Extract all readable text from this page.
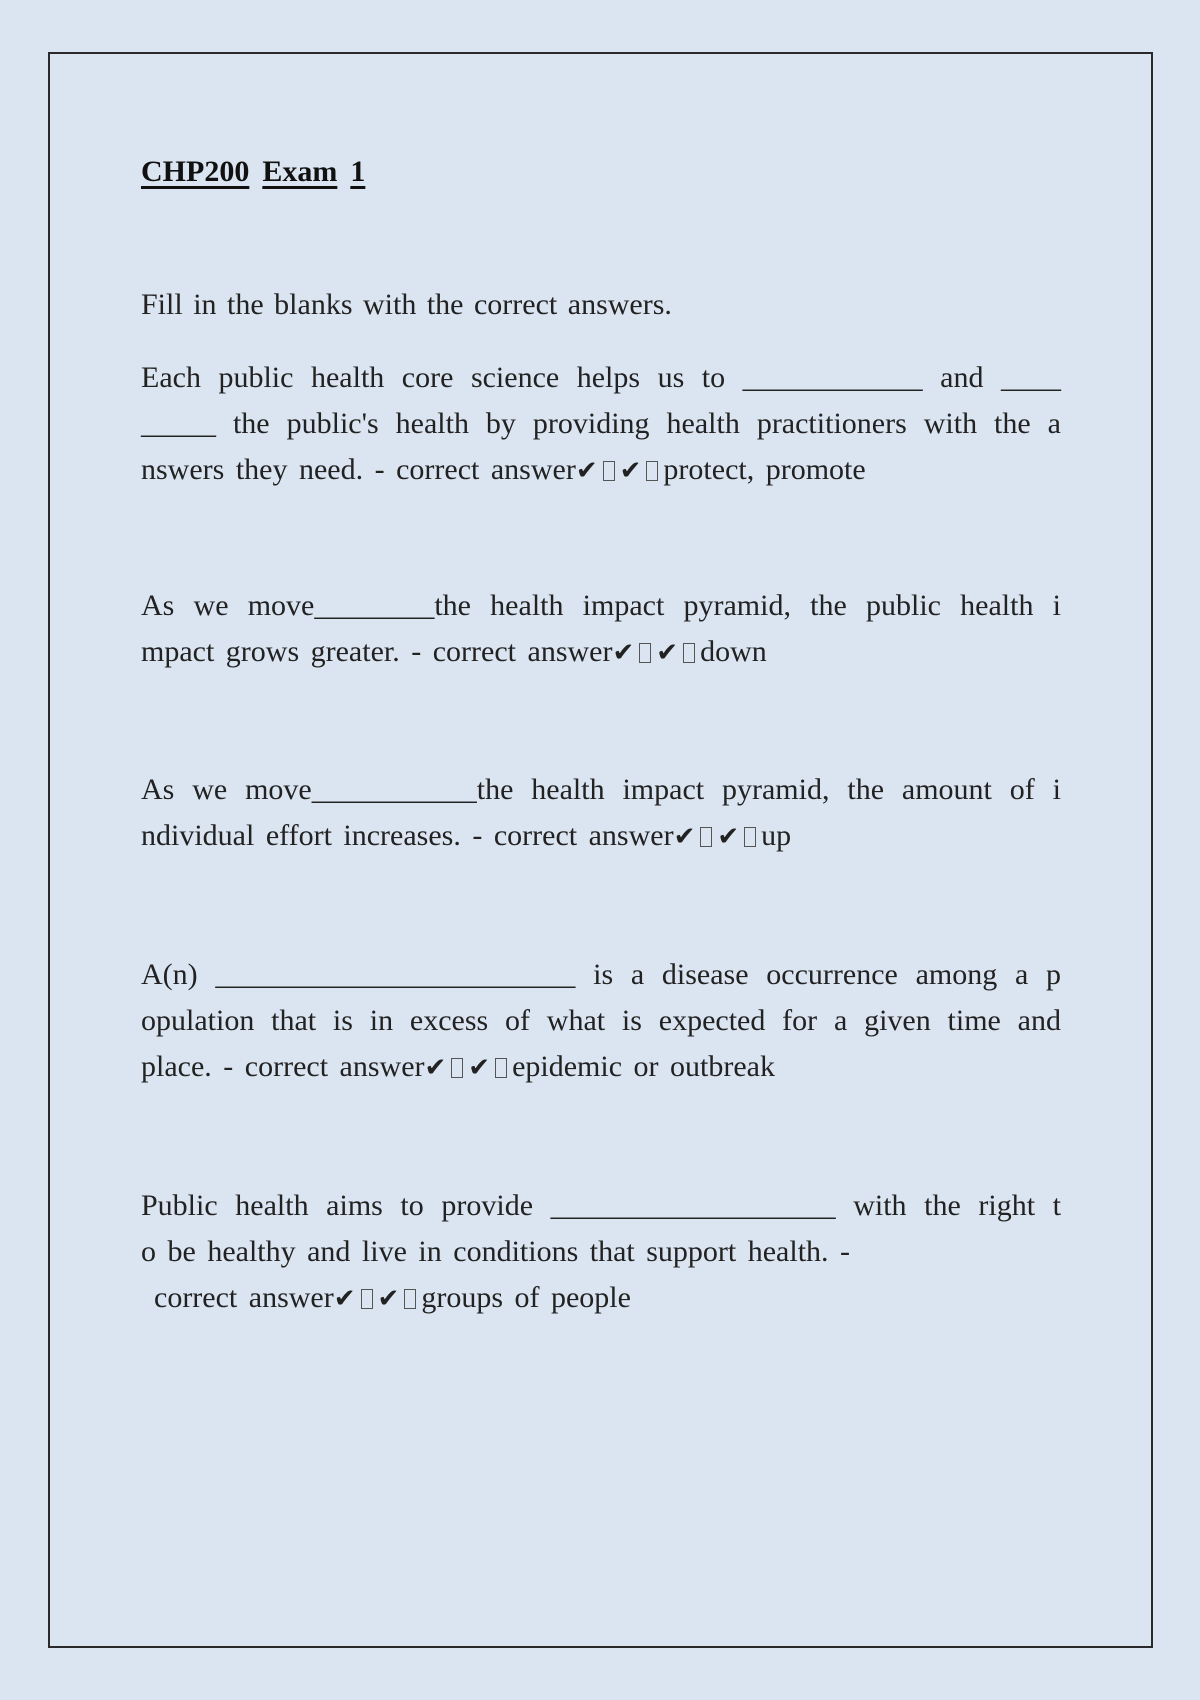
CHP200 Exam 1

Fill in the blanks with the correct answers.

Each public health core science helps us to ____________ and ____
_____ the public's health by providing health practitioners with the a
nswers they need. - correct answer✔ ✔ protect, promote
As we move________the health impact pyramid, the public health i
mpact grows greater. - correct answer✔ ✔ down
As we move___________the health impact pyramid, the amount of i
ndividual effort increases. - correct answer✔ ✔ up
A(n) ________________________ is a disease occurrence among a p
opulation that is in excess of what is expected for a given time and
place. - correct answer✔ ✔ epidemic or outbreak
Public health aims to provide ___________________ with the right t
o be healthy and live in conditions that support health. -
correct answer✔ ✔ groups of people
